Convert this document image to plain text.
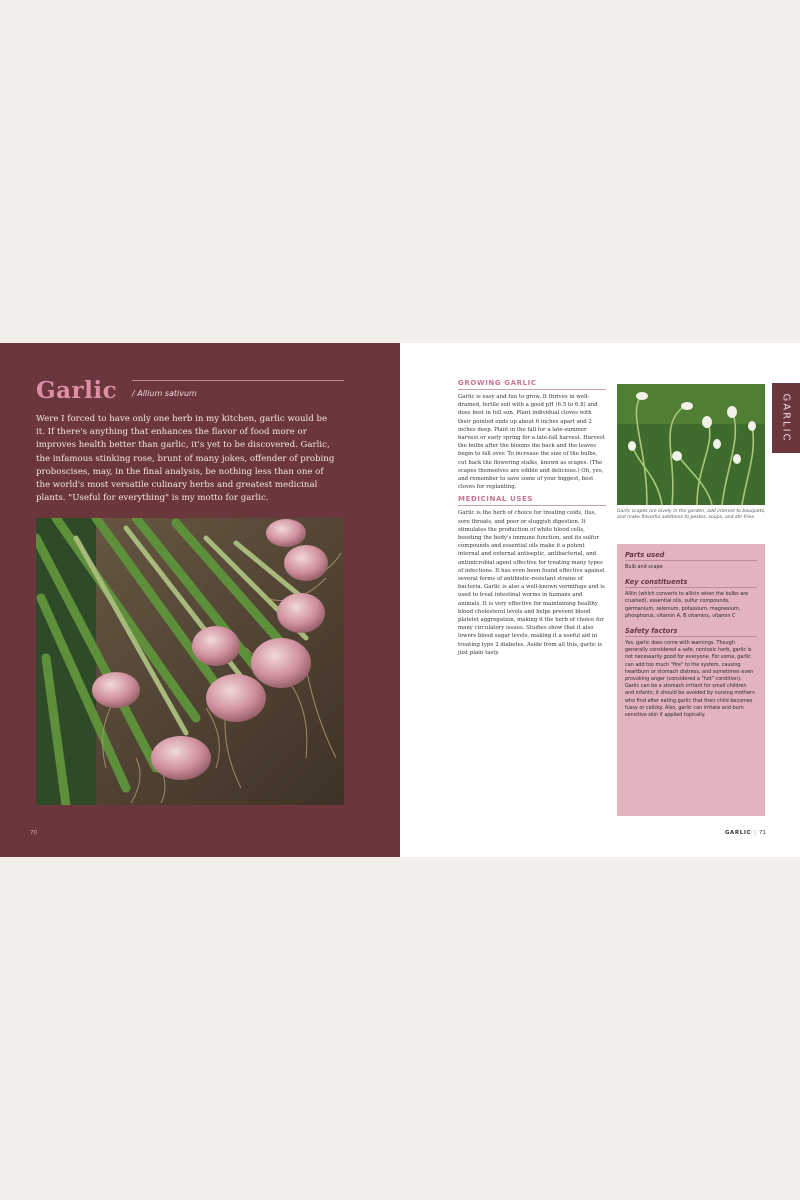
Garlic / Allium sativum

Were I forced to have only one herb in my kitchen, garlic would be it. If there's anything that enhances the flavor of food more or improves health better than garlic, it's yet to be discovered. Garlic, the infamous stinking rose, brunt of many jokes, offender of probing proboscises, may, in the final analysis, be nothing less than one of the world's most versatile culinary herbs and greatest medicinal plants. "Useful for everything" is my motto for garlic.

70
GARLIC
GROWING GARLIC

Garlic is easy and fun to grow. It thrives in well-drained, fertile soil with a good pH (6.5 to 6.8) and does best in full sun. Plant individual cloves with their pointed ends up about 6 inches apart and 2 inches deep. Plant in the fall for a late-summer harvest or early spring for a late-fall harvest. Harvest the bulbs after the blooms die back and the leaves begin to fall over. To increase the size of the bulbs, cut back the flowering stalks, known as scapes. (The scapes themselves are edible and delicious.) Oh, yes, and remember to save some of your biggest, best cloves for replanting.

MEDICINAL USES

Garlic is the herb of choice for treating colds, flus, sore throats, and poor or sluggish digestion. It stimulates the production of white blood cells, boosting the body's immune function, and its sulfur compounds and essential oils make it a potent internal and external antiseptic, antibacterial, and antimicrobial agent effective for treating many types of infections. It has even been found effective against several forms of antibiotic-resistant strains of bacteria. Garlic is also a well-known vermifuge and is used to treat intestinal worms in humans and animals. It is very effective for maintaining healthy blood cholesterol levels and helps prevent blood platelet aggregation, making it the herb of choice for many circulatory issues. Studies show that it also lowers blood sugar levels, making it a useful aid in treating type 2 diabetes. Aside from all this, garlic is just plain tasty.

Garlic scapes are lovely in the garden, add interest to bouquets, and make flavorful additions to pestos, soups, and stir-fries.

Parts used

Bulb and scape

Key constituents

Alliin (which converts to allicin when the bulbs are crushed), essential oils, sulfur compounds, germanium, selenium, potassium, magnesium, phosphorus, vitamin A, B vitamins, vitamin C

Safety factors

Yes, garlic does come with warnings. Though generally considered a safe, nontoxic herb, garlic is not necessarily good for everyone. For some, garlic can add too much "fire" to the system, causing heartburn or stomach distress, and sometimes even provoking anger (considered a "hot" condition). Garlic can be a stomach irritant for small children and infants; it should be avoided by nursing mothers who find after eating garlic that their child becomes fussy or colicky. Also, garlic can irritate and burn sensitive skin if applied topically.

GARLIC | 71
